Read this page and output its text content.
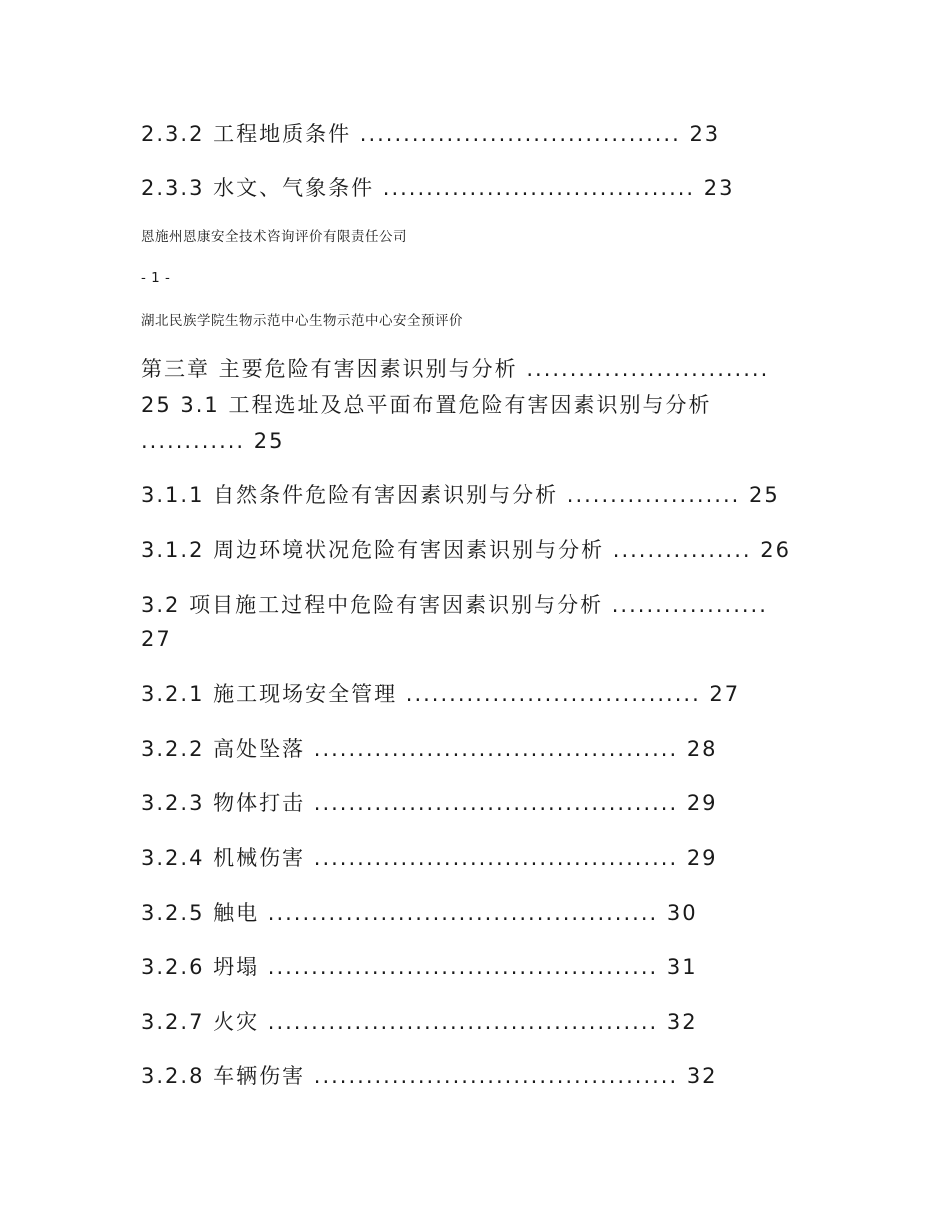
2.3.2 工程地质条件 ..................................... 23
2.3.3 水文、气象条件 .................................... 23
恩施州恩康安全技术咨询评价有限责任公司
- 1 -
湖北民族学院生物示范中心生物示范中心安全预评价
第三章 主要危险有害因素识别与分析 ............................
25 3.1 工程选址及总平面布置危险有害因素识别与分析
............ 25
3.1.1 自然条件危险有害因素识别与分析 .................... 25
3.1.2 周边环境状况危险有害因素识别与分析 ................ 26
3.2 项目施工过程中危险有害因素识别与分析 ..................
27
3.2.1 施工现场安全管理 .................................. 27
3.2.2 高处坠落 .......................................... 28
3.2.3 物体打击 .......................................... 29
3.2.4 机械伤害 .......................................... 29
3.2.5 触电 ............................................. 30
3.2.6 坍塌 ............................................. 31
3.2.7 火灾 ............................................. 32
3.2.8 车辆伤害 .......................................... 32
